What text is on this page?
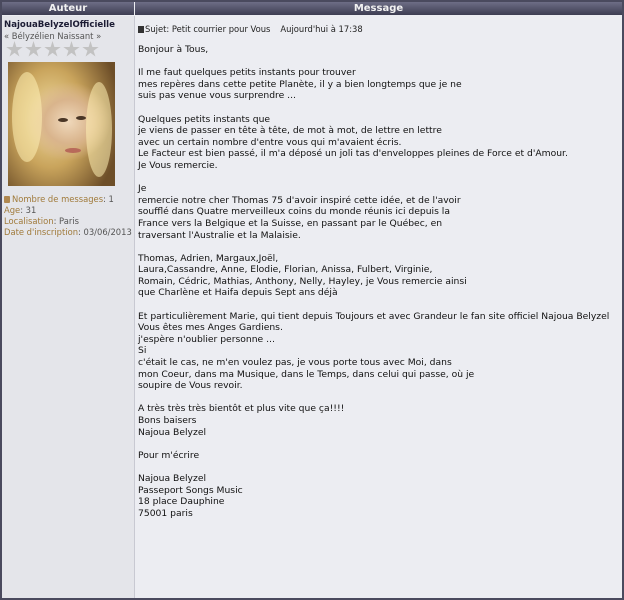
Auteur	Message
NajouaBelyzelOfficielle
« Bélyzélien Naissant »
Nombre de messages: 1
Age: 31
Localisation: Paris
Date d'inscription: 03/06/2013
Sujet: Petit courrier pour Vous Aujourd'hui à 17:38
Bonjour à Tous,
Il me faut quelques petits instants pour trouver
mes repères dans cette petite Planète, il y a bien longtemps que je ne
suis pas venue vous surprendre ...
Quelques petits instants que
je viens de passer en tête à tête, de mot à mot, de lettre en lettre
avec un certain nombre d'entre vous qui m'avaient écris.
Le Facteur est bien passé, il m'a déposé un joli tas d'enveloppes pleines de Force et d'Amour.
Je Vous remercie.
Je
remercie notre cher Thomas 75 d'avoir inspiré cette idée, et de l'avoir
soufflé dans Quatre merveilleux coins du monde réunis ici depuis la
France vers la Belgique et la Suisse, en passant par le Québec, en
traversant l'Australie et la Malaisie.
Thomas, Adrien, Margaux,Joël,
Laura,Cassandre, Anne, Elodie, Florian, Anissa, Fulbert, Virginie,
Romain, Cédric, Mathias, Anthony, Nelly, Hayley, je Vous remercie ainsi
que Charlène et Haifa depuis Sept ans déjà
Et particulièrement Marie, qui tient depuis Toujours et avec Grandeur le fan site officiel Najoua Belyzel
Vous êtes mes Anges Gardiens.
j'espère n'oublier personne ...
Si
c'était le cas, ne m'en voulez pas, je vous porte tous avec Moi, dans
mon Coeur, dans ma Musique, dans le Temps, dans celui qui passe, où je
soupire de Vous revoir.
A très très très bientôt et plus vite que ça!!!!
Bons baisers
Najoua Belyzel
Pour m'écrire
Najoua Belyzel
Passeport Songs Music
18 place Dauphine
75001 paris
